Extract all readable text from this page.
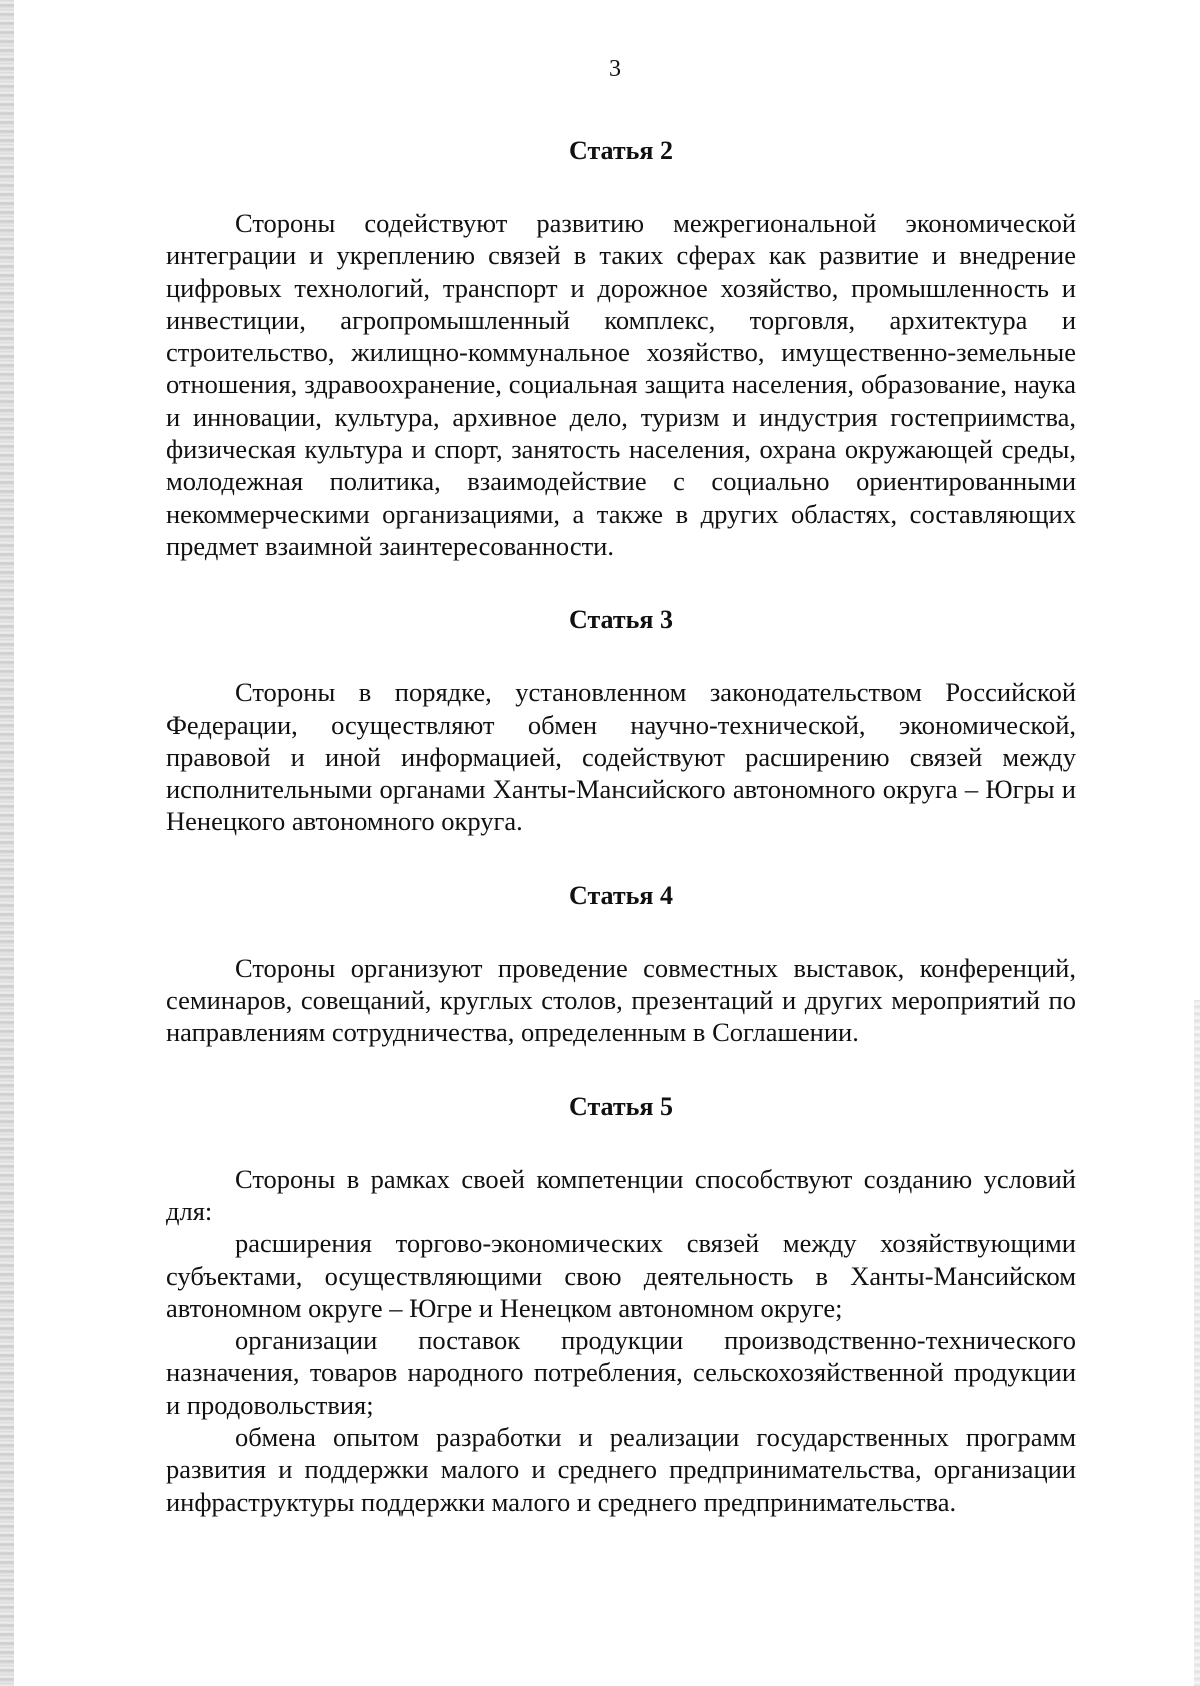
3
Статья 2

Стороны содействуют развитию межрегиональной экономической интеграции и укреплению связей в таких сферах как развитие и внедрение цифровых технологий, транспорт и дорожное хозяйство, промышленность и инвестиции, агропромышленный комплекс, торговля, архитектура и строительство, жилищно-коммунальное хозяйство, имущественно-земельные отношения, здравоохранение, социальная защита населения, образование, наука и инновации, культура, архивное дело, туризм и индустрия гостеприимства, физическая культура и спорт, занятость населения, охрана окружающей среды, молодежная политика, взаимодействие с социально ориентированными некоммерческими организациями, а также в других областях, составляющих предмет взаимной заинтересованности.

Статья 3

Стороны в порядке, установленном законодательством Российской Федерации, осуществляют обмен научно-технической, экономической, правовой и иной информацией, содействуют расширению связей между исполнительными органами Ханты-Мансийского автономного округа – Югры и Ненецкого автономного округа.

Статья 4

Стороны организуют проведение совместных выставок, конференций, семинаров, совещаний, круглых столов, презентаций и других мероприятий по направлениям сотрудничества, определенным в Соглашении.

Статья 5

Стороны в рамках своей компетенции способствуют созданию условий для:

расширения торгово-экономических связей между хозяйствующими субъектами, осуществляющими свою деятельность в Ханты-Мансийском автономном округе – Югре и Ненецком автономном округе;

организации поставок продукции производственно-технического назначения, товаров народного потребления, сельскохозяйственной продукции и продовольствия;

обмена опытом разработки и реализации государственных программ развития и поддержки малого и среднего предпринимательства, организации инфраструктуры поддержки малого и среднего предпринимательства.
